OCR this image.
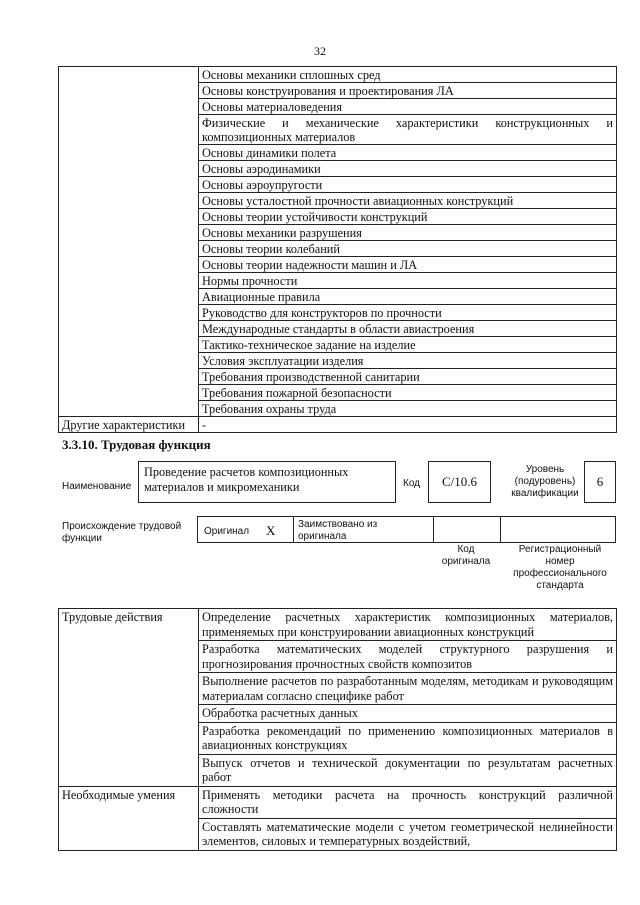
32
	Основы механики сплошных сред
	Основы конструирования и проектирования ЛА
	Основы материаловедения
	Физические и механические характеристики конструкционных и композиционных материалов
	Основы динамики полета
	Основы аэродинамики
	Основы аэроупругости
	Основы усталостной прочности авиационных конструкций
	Основы теории устойчивости конструкций
	Основы механики разрушения
	Основы теории колебаний
	Основы теории надежности машин и ЛА
	Нормы прочности
	Авиационные правила
	Руководство для конструкторов по прочности
	Международные стандарты в области авиастроения
	Тактико-техническое задание на изделие
	Условия эксплуатации изделия
	Требования производственной санитарии
	Требования пожарной безопасности
	Требования охраны труда
Другие характеристики	-
3.3.10. Трудовая функция
Наименование
Проведение расчетов композиционных материалов и микромеханики	Код	C/10.6
Уровень (подуровень) квалификации
6
Происхождение трудовой функции
Оригинал X Заимствовано из оригинала
Код оригинала
Регистрационный номер профессионального стандарта
Трудовые действия	Определение расчетных характеристик композиционных материалов, применяемых при конструировании авиационных конструкций
	Разработка математических моделей структурного разрушения и прогнозирования прочностных свойств композитов
	Выполнение расчетов по разработанным моделям, методикам и руководящим материалам согласно специфике работ
	Обработка расчетных данных
	Разработка рекомендаций по применению композиционных материалов в авиационных конструкциях
	Выпуск отчетов и технической документации по результатам расчетных работ
Необходимые умения	Применять методики расчета на прочность конструкций различной сложности
	Составлять математические модели с учетом геометрической нелинейности элементов, силовых и температурных воздействий,
